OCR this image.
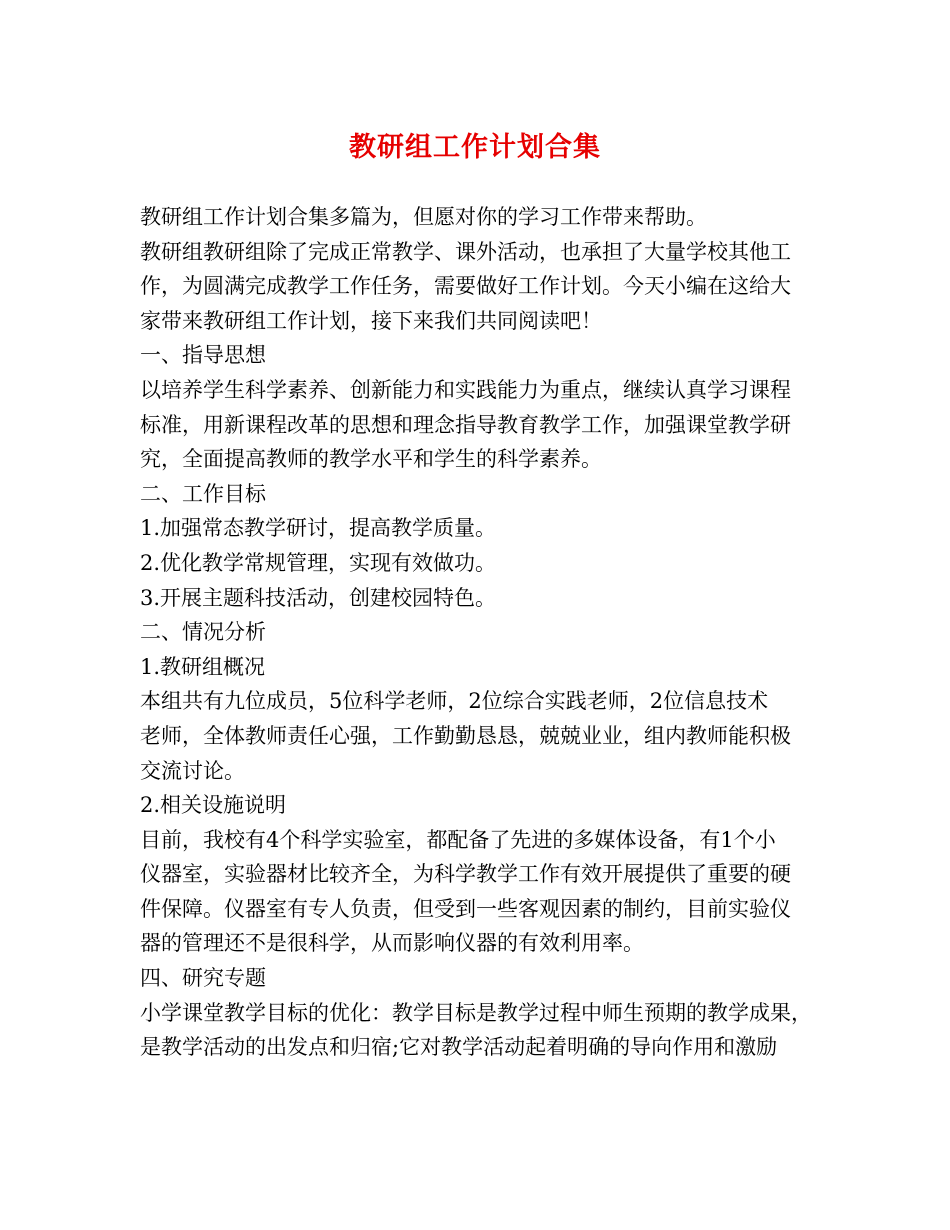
教研组工作计划合集
教研组工作计划合集多篇为，但愿对你的学习工作带来帮助。
教研组教研组除了完成正常教学、课外活动，也承担了大量学校其他工
作，为圆满完成教学工作任务，需要做好工作计划。今天小编在这给大
家带来教研组工作计划，接下来我们共同阅读吧！
一、指导思想
以培养学生科学素养、创新能力和实践能力为重点，继续认真学习课程
标准，用新课程改革的思想和理念指导教育教学工作，加强课堂教学研
究，全面提高教师的教学水平和学生的科学素养。
二、工作目标
1.加强常态教学研讨，提高教学质量。
2.优化教学常规管理，实现有效做功。
3.开展主题科技活动，创建校园特色。
二、情况分析
1.教研组概况
本组共有九位成员，5位科学老师，2位综合实践老师，2位信息技术
老师，全体教师责任心强，工作勤勤恳恳，兢兢业业，组内教师能积极
交流讨论。
2.相关设施说明
目前，我校有4个科学实验室，都配备了先进的多媒体设备，有1个小
仪器室，实验器材比较齐全，为科学教学工作有效开展提供了重要的硬
件保障。仪器室有专人负责，但受到一些客观因素的制约，目前实验仪
器的管理还不是很科学，从而影响仪器的有效利用率。
四、研究专题
小学课堂教学目标的优化：教学目标是教学过程中师生预期的教学成果，
是教学活动的出发点和归宿;它对教学活动起着明确的导向作用和激励
